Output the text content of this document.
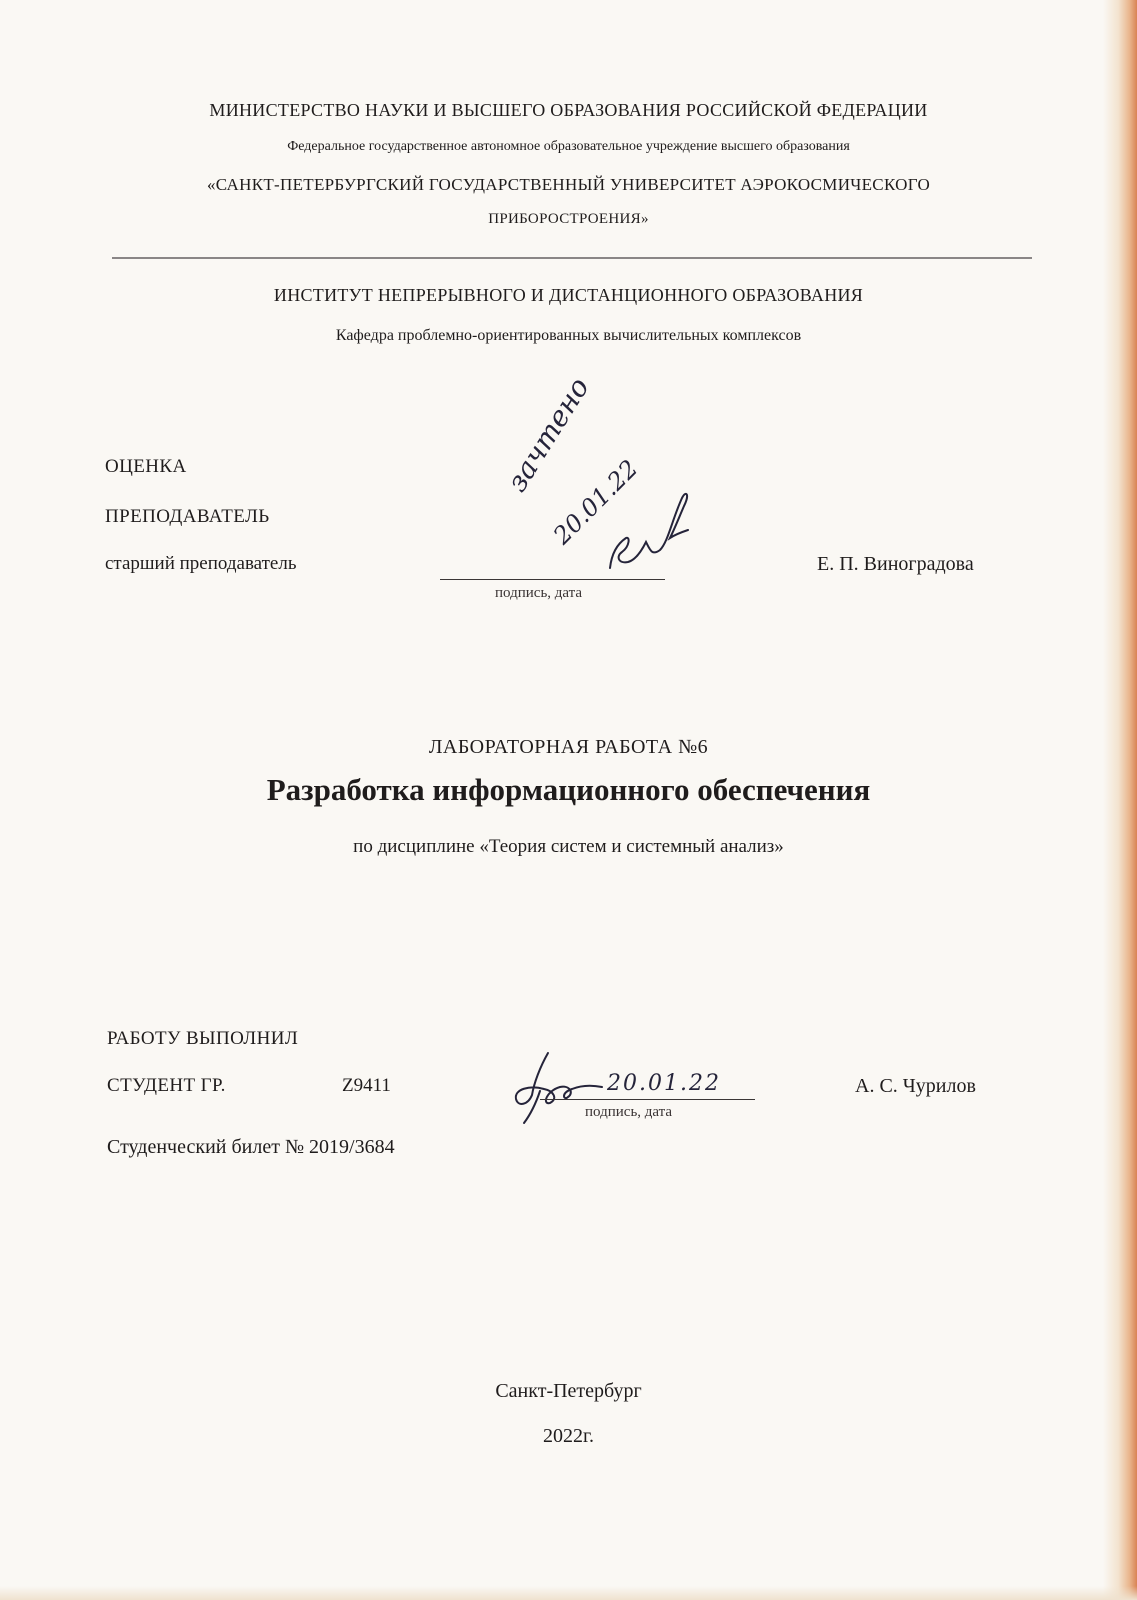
МИНИСТЕРСТВО НАУКИ И ВЫСШЕГО ОБРАЗОВАНИЯ РОССИЙСКОЙ ФЕДЕРАЦИИ
Федеральное государственное автономное образовательное учреждение высшего образования
«САНКТ-ПЕТЕРБУРГСКИЙ ГОСУДАРСТВЕННЫЙ УНИВЕРСИТЕТ АЭРОКОСМИЧЕСКОГО
ПРИБОРОСТРОЕНИЯ»
ИНСТИТУТ НЕПРЕРЫВНОГО И ДИСТАНЦИОННОГО ОБРАЗОВАНИЯ
Кафедра проблемно-ориентированных вычислительных комплексов
ОЦЕНКА
ПРЕПОДАВАТЕЛЬ
старший преподаватель
подпись, дата
Е. П. Виноградова
зачтено
20.01.22
ЛАБОРАТОРНАЯ РАБОТА №6
Разработка информационного обеспечения
по дисциплине «Теория систем и системный анализ»
РАБОТУ ВЫПОЛНИЛ
СТУДЕНТ ГР.	Z9411	20.01.22
подпись, дата
А. С. Чурилов
Студенческий билет № 2019/3684
Санкт-Петербург
2022г.
